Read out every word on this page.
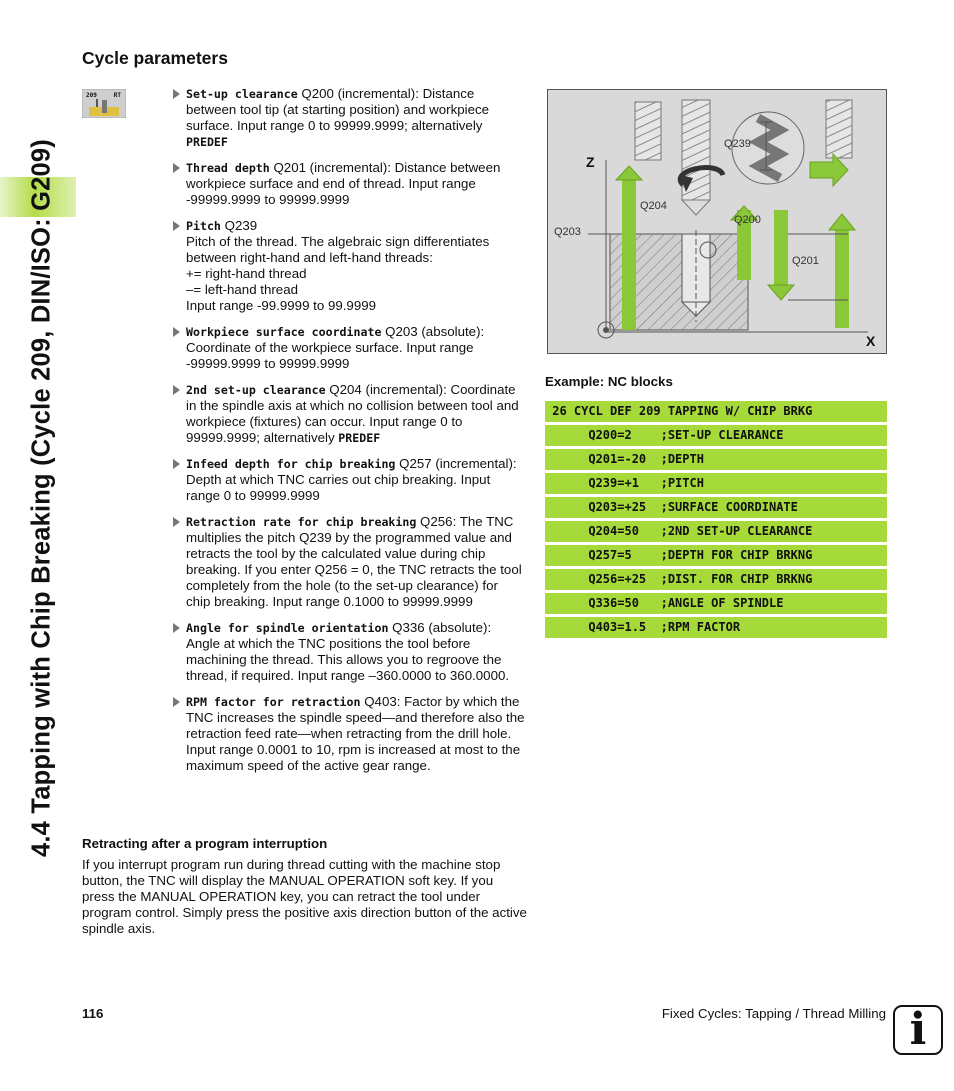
4.4 Tapping with Chip Breaking (Cycle 209, DIN/ISO: G209)
Cycle parameters
209	RT	Set-up clearance Q200 (incremental): Distance between tool tip (at starting position) and workpiece surface. Input range 0 to 99999.9999; alternatively PREDEF
Thread depth Q201 (incremental): Distance between workpiece surface and end of thread. Input range -99999.9999 to 99999.9999
Pitch Q239
Pitch of the thread. The algebraic sign differentiates between right-hand and left-hand threads:
+= right-hand thread
–= left-hand thread
Input range -99.9999 to 99.9999
Workpiece surface coordinate Q203 (absolute): Coordinate of the workpiece surface. Input range -99999.9999 to 99999.9999
2nd set-up clearance Q204 (incremental): Coordinate in the spindle axis at which no collision between tool and workpiece (fixtures) can occur. Input range 0 to 99999.9999; alternatively PREDEF
Infeed depth for chip breaking Q257 (incremental): Depth at which TNC carries out chip breaking. Input range 0 to 99999.9999
Retraction rate for chip breaking Q256: The TNC multiplies the pitch Q239 by the programmed value and retracts the tool by the calculated value during chip breaking. If you enter Q256 = 0, the TNC retracts the tool completely from the hole (to the set-up clearance) for chip breaking. Input range 0.1000 to 99999.9999
Angle for spindle orientation Q336 (absolute): Angle at which the TNC positions the tool before machining the thread. This allows you to regroove the thread, if required. Input range –360.0000 to 360.0000.
RPM factor for retraction Q403: Factor by which the TNC increases the spindle speed—and therefore also the retraction feed rate—when retracting from the drill hole. Input range 0.0001 to 10, rpm is increased at most to the maximum speed of the active gear range.
Retracting after a program interruption

If you interrupt program run during thread cutting with the machine stop button, the TNC will display the MANUAL OPERATION soft key. If you press the MANUAL OPERATION key, you can retract the tool under program control. Simply press the positive axis direction button of the active spindle axis.

Z
X
Q239
Q204
Q200
Q203
Q201
Example: NC blocks
26 CYCL DEF 209 TAPPING W/ CHIP BRKG
Q200=2    ;SET-UP CLEARANCE
Q201=-20  ;DEPTH
Q239=+1   ;PITCH
Q203=+25  ;SURFACE COORDINATE
Q204=50   ;2ND SET-UP CLEARANCE
Q257=5    ;DEPTH FOR CHIP BRKNG
Q256=+25  ;DIST. FOR CHIP BRKNG
Q336=50   ;ANGLE OF SPINDLE
Q403=1.5  ;RPM FACTOR
116	Fixed Cycles: Tapping / Thread Milling i
